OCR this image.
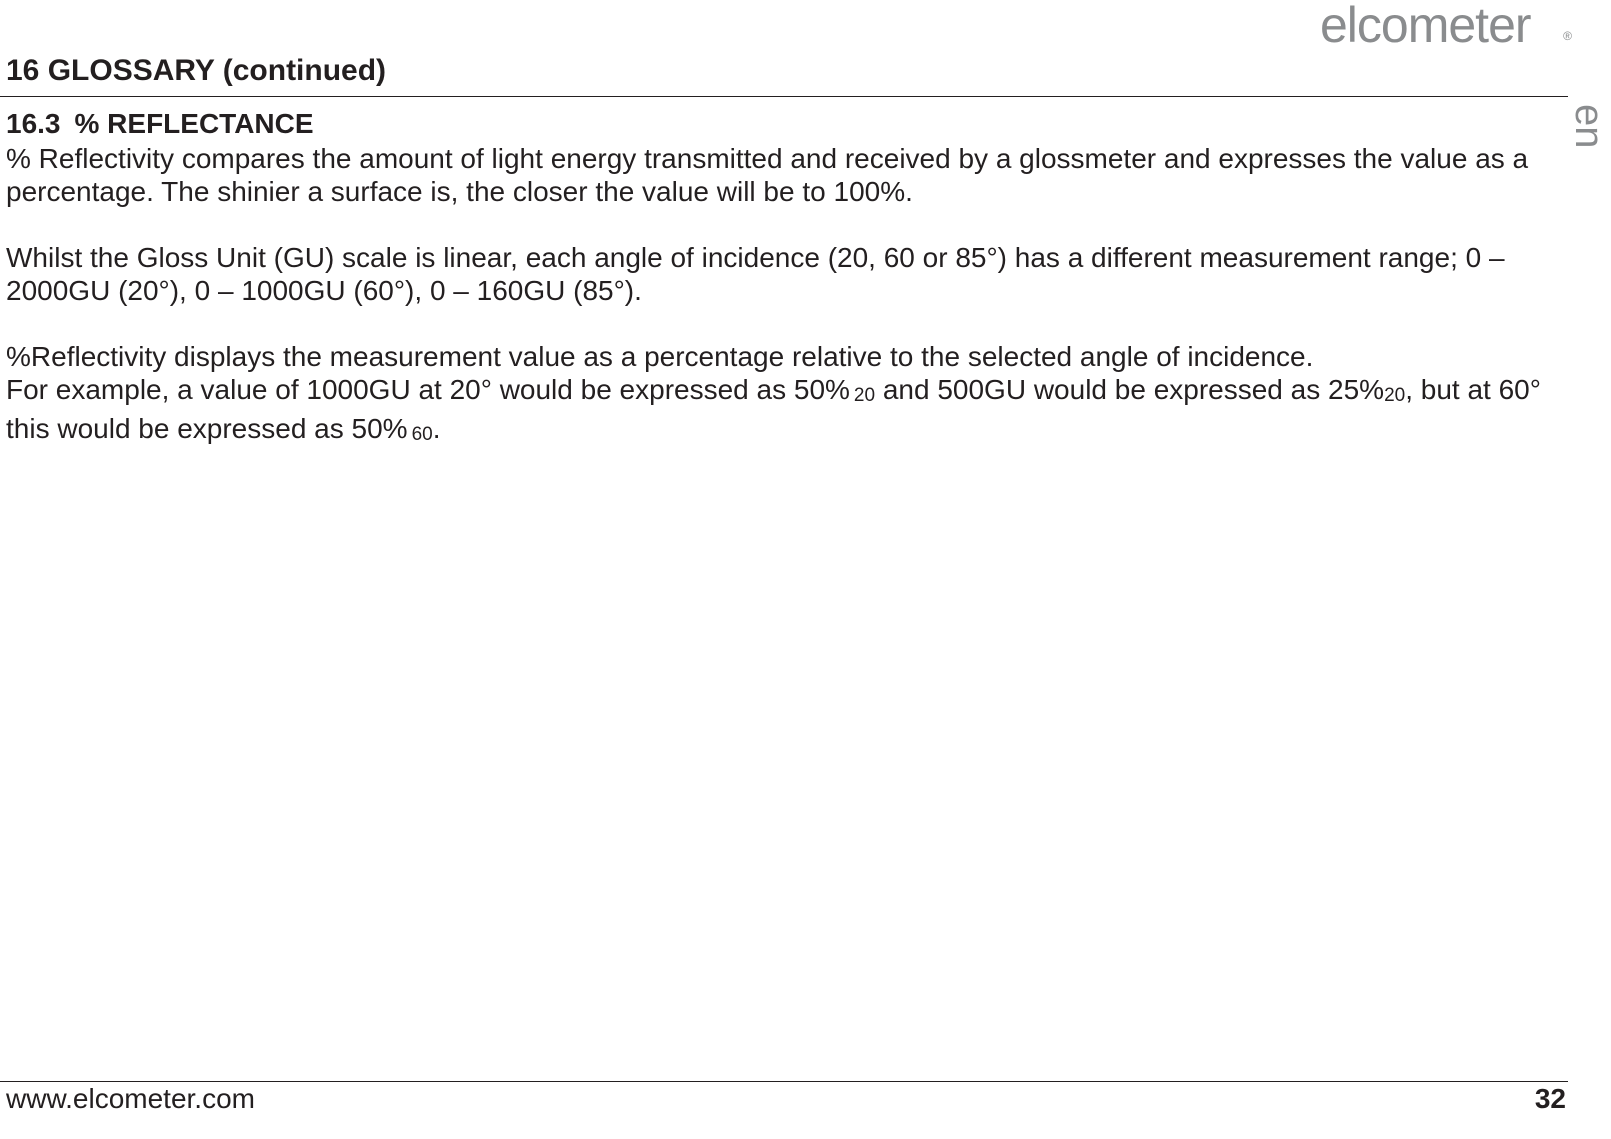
elcometer	®
16 GLOSSARY (continued)
en
16.3 % REFLECTANCE

% Reflectivity compares the amount of light energy transmitted and received by a glossmeter and expresses the value as a percentage. The shinier a surface is, the closer the value will be to 100%.

Whilst the Gloss Unit (GU) scale is linear, each angle of incidence (20, 60 or 85°) has a different measurement range; 0 – 2000GU (20°), 0 – 1000GU (60°), 0 – 160GU (85°).

%Reflectivity displays the measurement value as a percentage relative to the selected angle of incidence.
For example, a value of 1000GU at 20° would be expressed as 50% 20 and 500GU would be expressed as 25%20, but at 60° this would be expressed as 50% 60.
www.elcometer.com	32
